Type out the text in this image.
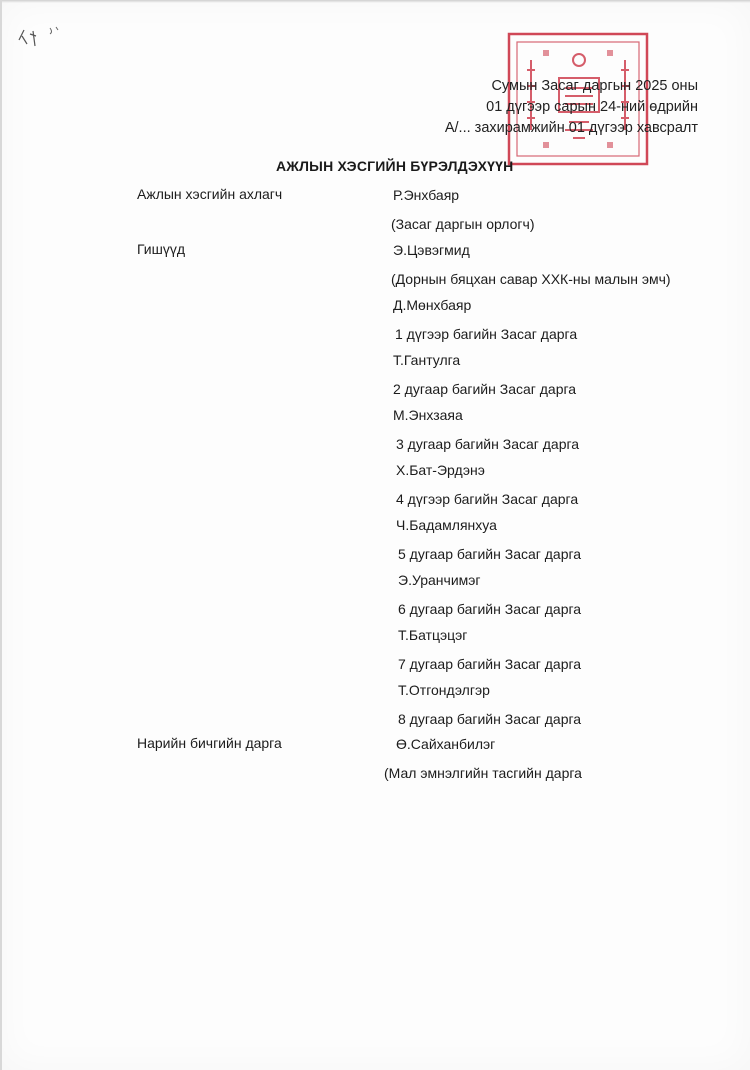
Сумын Засаг даргын 2025 оны
01 дүгээр сарын 24-ний өдрийн
А/... захирамжийн 01 дүгээр хавсралт
АЖЛЫН ХЭСГИЙН БҮРЭЛДЭХҮҮН
Ажлын хэсгийн ахлагч	Р.Энхбаяр
(Засаг даргын орлогч)
Гишүүд	Э.Цэвэгмид
(Дорнын бяцхан савар ХХК-ны малын эмч)
Д.Мөнхбаяр
1 дүгээр багийн Засаг дарга
Т.Гантулга
2 дугаар багийн Засаг дарга
М.Энхзаяа
3 дугаар багийн Засаг дарга
Х.Бат-Эрдэнэ
4 дүгээр багийн Засаг дарга
Ч.Бадамлянхуа
5 дугаар багийн Засаг дарга
Э.Уранчимэг
6 дугаар багийн Засаг дарга
Т.Батцэцэг
7 дугаар багийн Засаг дарга
Т.Отгондэлгэр
8 дугаар багийн Засаг дарга
Нарийн бичгийн дарга	Ө.Сайханбилэг
(Мал эмнэлгийн тасгийн дарга
